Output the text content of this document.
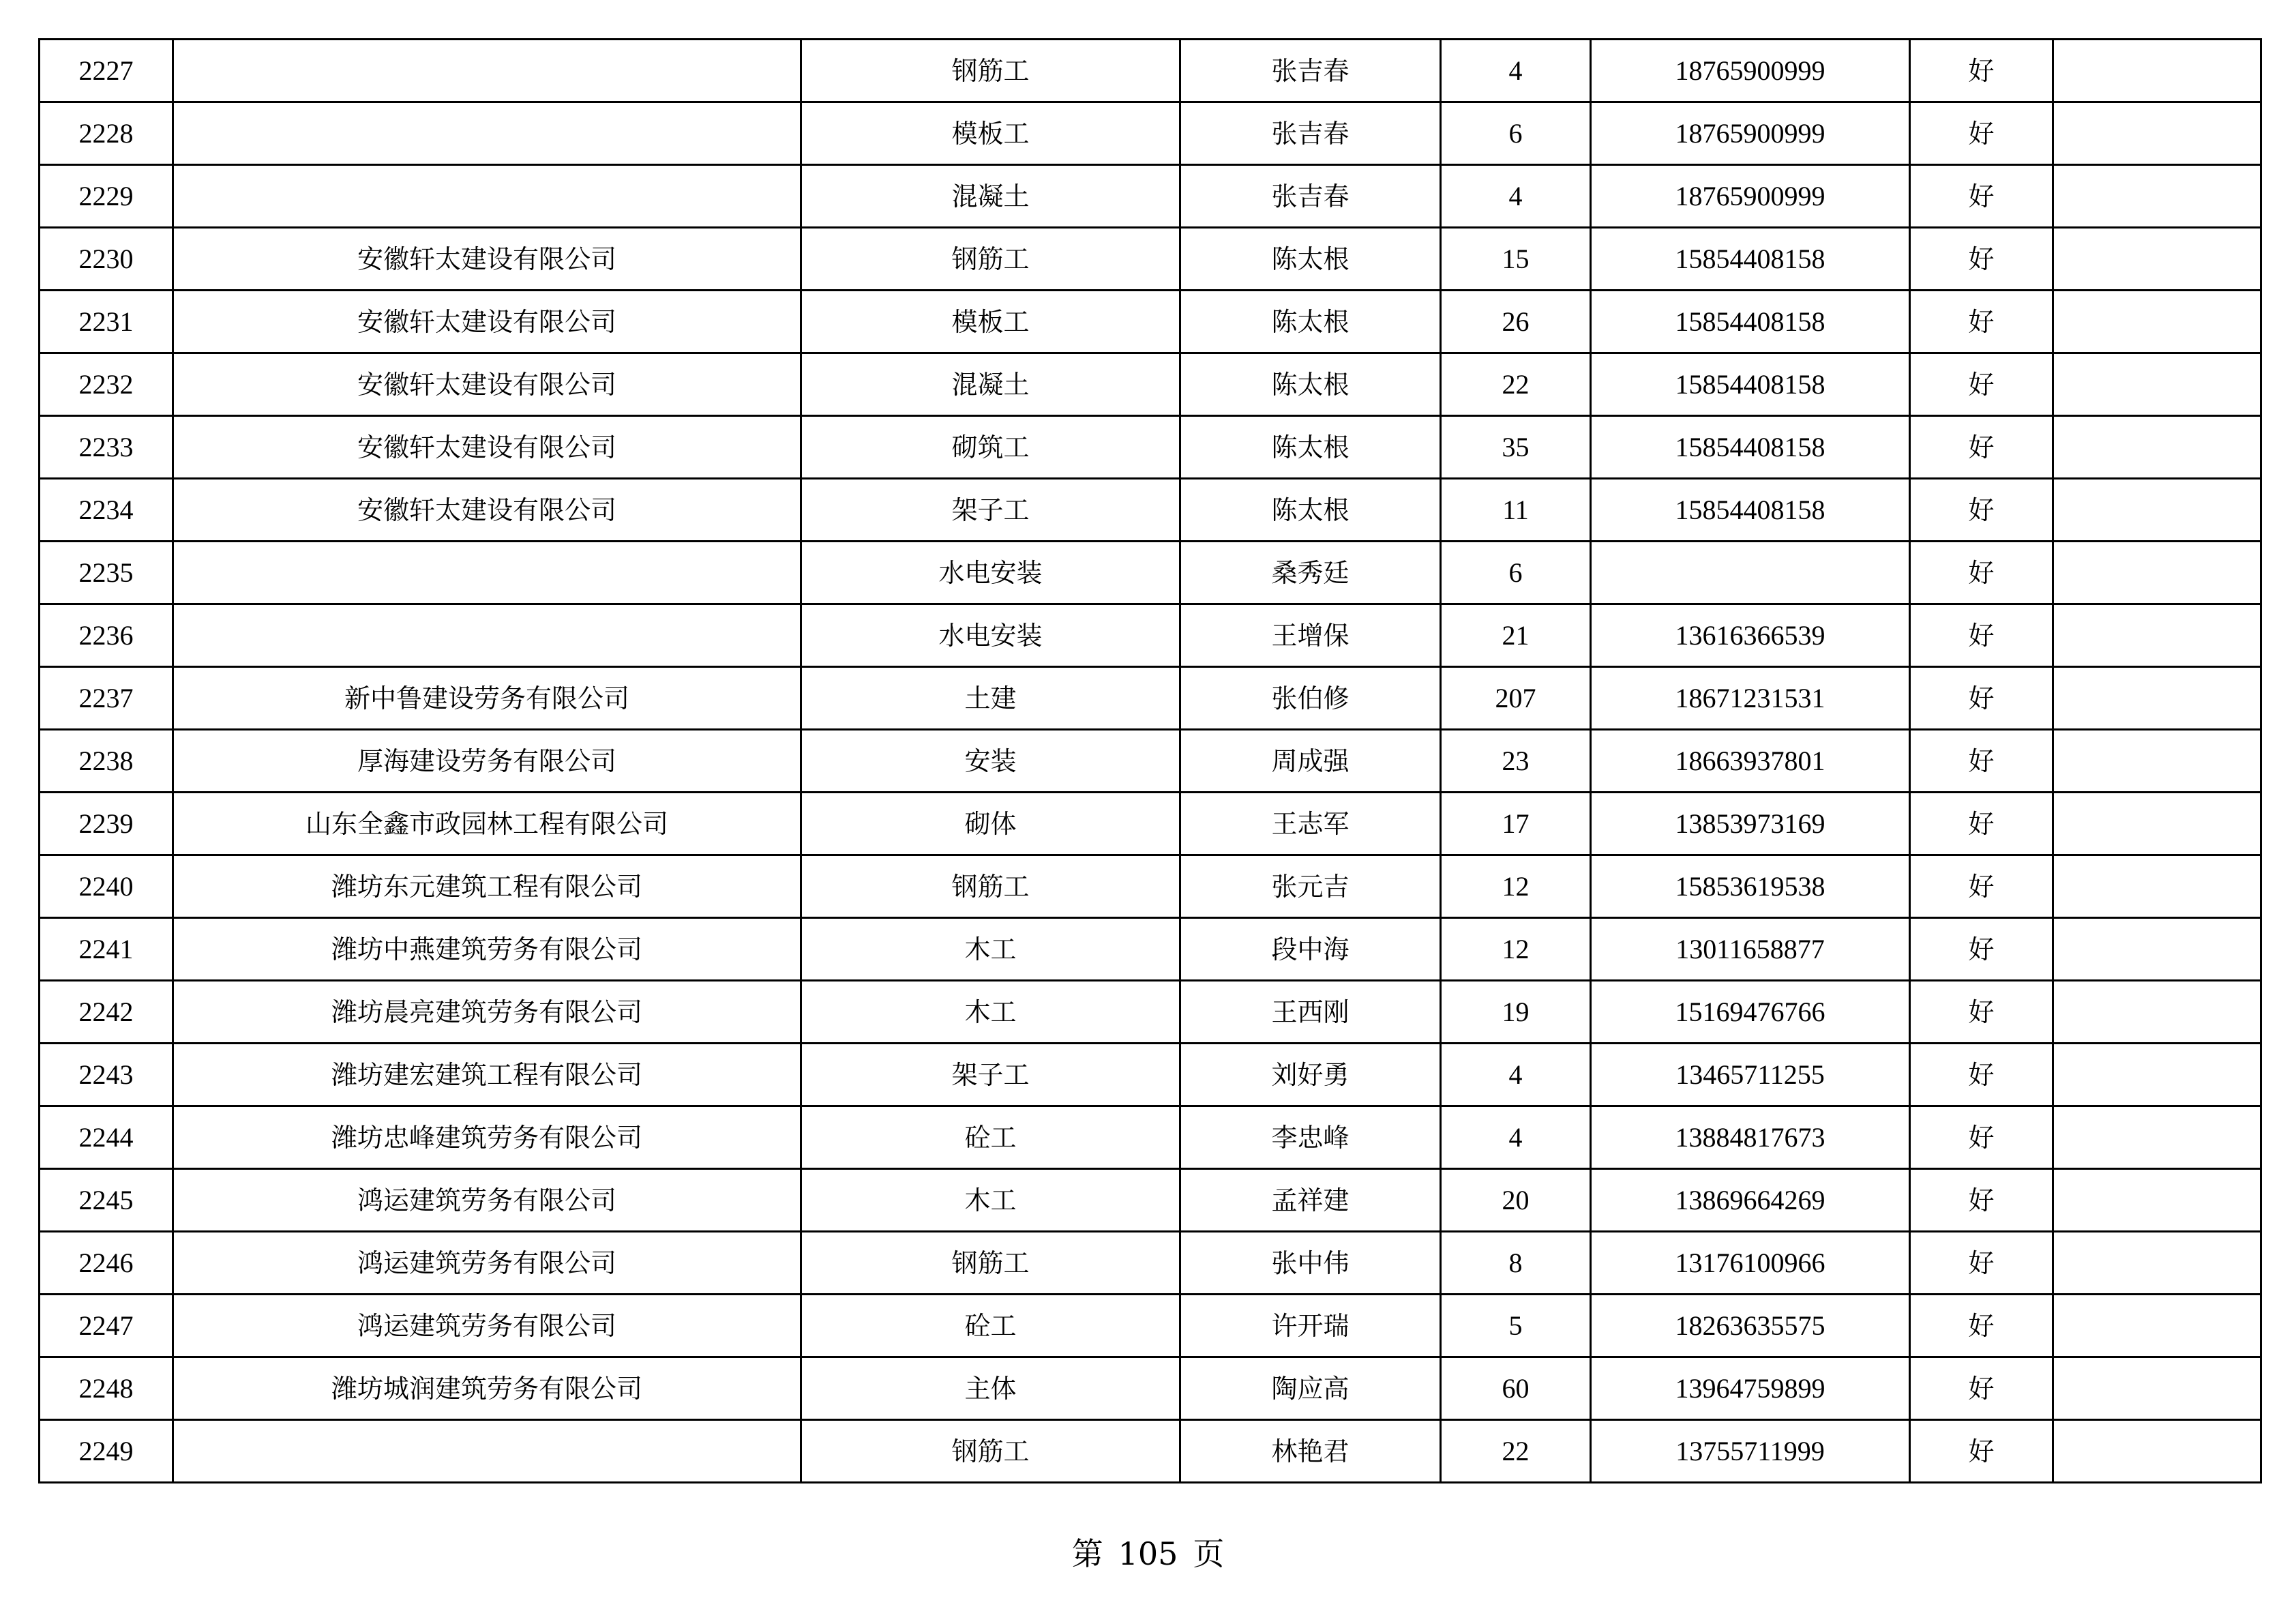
2227		钢筋工	张吉春	4	18765900999	好	
2228		模板工	张吉春	6	18765900999	好	
2229		混凝土	张吉春	4	18765900999	好	
2230	安徽轩太建设有限公司	钢筋工	陈太根	15	15854408158	好	
2231	安徽轩太建设有限公司	模板工	陈太根	26	15854408158	好	
2232	安徽轩太建设有限公司	混凝土	陈太根	22	15854408158	好	
2233	安徽轩太建设有限公司	砌筑工	陈太根	35	15854408158	好	
2234	安徽轩太建设有限公司	架子工	陈太根	11	15854408158	好	
2235		水电安装	桑秀廷	6		好	
2236		水电安装	王增保	21	13616366539	好	
2237	新中鲁建设劳务有限公司	土建	张伯修	207	18671231531	好	
2238	厚海建设劳务有限公司	安装	周成强	23	18663937801	好	
2239	山东全鑫市政园林工程有限公司	砌体	王志军	17	13853973169	好	
2240	潍坊东元建筑工程有限公司	钢筋工	张元吉	12	15853619538	好	
2241	潍坊中燕建筑劳务有限公司	木工	段中海	12	13011658877	好	
2242	潍坊晨亮建筑劳务有限公司	木工	王西刚	19	15169476766	好	
2243	潍坊建宏建筑工程有限公司	架子工	刘好勇	4	13465711255	好	
2244	潍坊忠峰建筑劳务有限公司	砼工	李忠峰	4	13884817673	好	
2245	鸿运建筑劳务有限公司	木工	孟祥建	20	13869664269	好	
2246	鸿运建筑劳务有限公司	钢筋工	张中伟	8	13176100966	好	
2247	鸿运建筑劳务有限公司	砼工	许开瑞	5	18263635575	好	
2248	潍坊城润建筑劳务有限公司	主体	陶应高	60	13964759899	好	
2249		钢筋工	林艳君	22	13755711999	好	
第 105 页
